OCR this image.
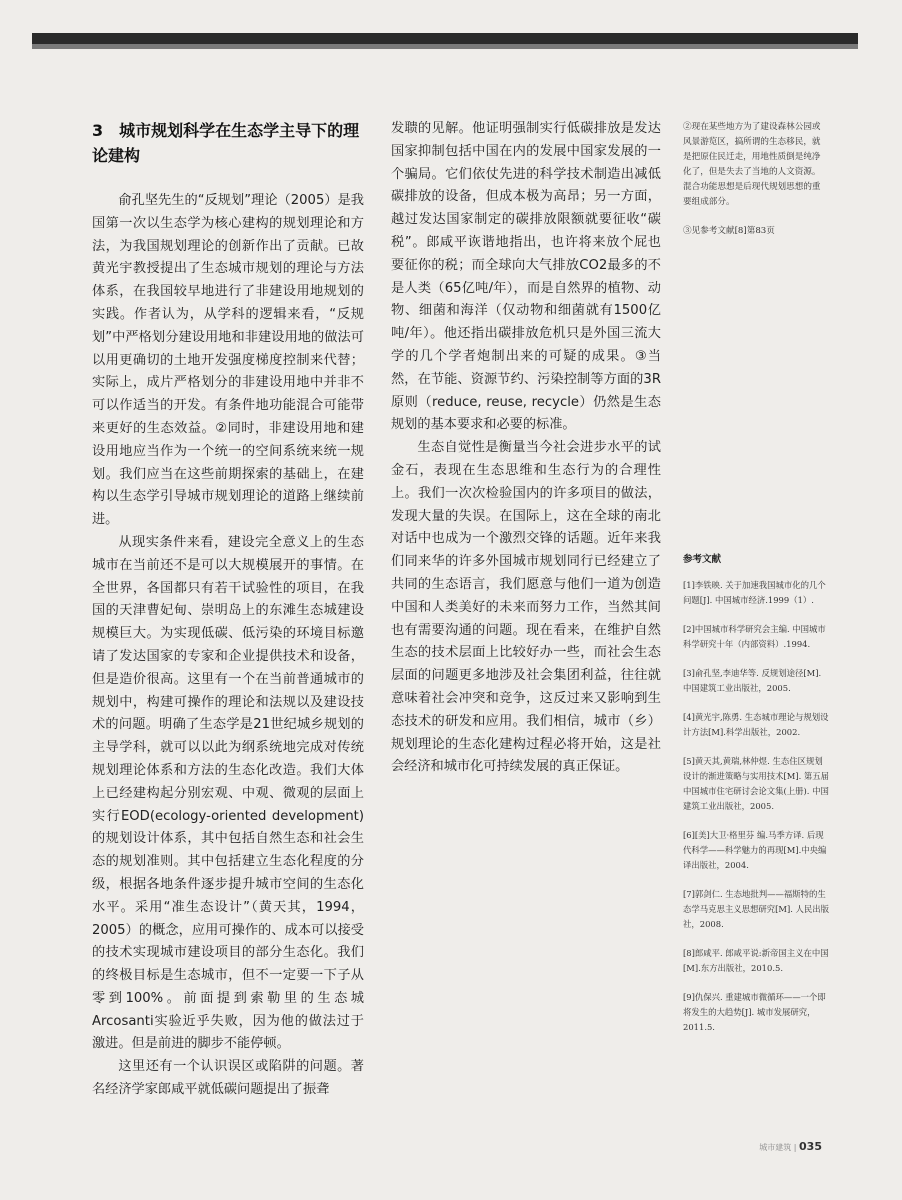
3　城市规划科学在生态学主导下的理论建构

俞孔坚先生的“反规划”理论（2005）是我国第一次以生态学为核心建构的规划理论和方法，为我国规划理论的创新作出了贡献。已故黄光宇教授提出了生态城市规划的理论与方法体系，在我国较早地进行了非建设用地规划的实践。作者认为，从学科的逻辑来看，“反规划”中严格划分建设用地和非建设用地的做法可以用更确切的土地开发强度梯度控制来代替；实际上，成片严格划分的非建设用地中并非不可以作适当的开发。有条件地功能混合可能带来更好的生态效益。②同时，非建设用地和建设用地应当作为一个统一的空间系统来统一规划。我们应当在这些前期探索的基础上，在建构以生态学引导城市规划理论的道路上继续前进。

从现实条件来看，建设完全意义上的生态城市在当前还不是可以大规模展开的事情。在全世界，各国都只有若干试验性的项目，在我国的天津曹妃甸、崇明岛上的东滩生态城建设规模巨大。为实现低碳、低污染的环境目标邀请了发达国家的专家和企业提供技术和设备，但是造价很高。这里有一个在当前普通城市的规划中，构建可操作的理论和法规以及建设技术的问题。明确了生态学是21世纪城乡规划的主导学科，就可以以此为纲系统地完成对传统规划理论体系和方法的生态化改造。我们大体上已经建构起分别宏观、中观、微观的层面上实行EOD(ecology-oriented development)的规划设计体系，其中包括自然生态和社会生态的规划准则。其中包括建立生态化程度的分级，根据各地条件逐步提升城市空间的生态化水平。采用“准生态设计”（黄天其，1994，2005）的概念，应用可操作的、成本可以接受的技术实现城市建设项目的部分生态化。我们的终极目标是生态城市，但不一定要一下子从零到100%。前面提到索勒里的生态城Arcosanti实验近乎失败，因为他的做法过于激进。但是前进的脚步不能停顿。

这里还有一个认识误区或陷阱的问题。著名经济学家郎咸平就低碳问题提出了振聋

发聩的见解。他证明强制实行低碳排放是发达国家抑制包括中国在内的发展中国家发展的一个骗局。它们依仗先进的科学技术制造出减低碳排放的设备，但成本极为高昂；另一方面，越过发达国家制定的碳排放限额就要征收“碳税”。郎咸平诙谐地指出，也许将来放个屁也要征你的税；而全球向大气排放CO2最多的不是人类（65亿吨/年），而是自然界的植物、动物、细菌和海洋（仅动物和细菌就有1500亿吨/年）。他还指出碳排放危机只是外国三流大学的几个学者炮制出来的可疑的成果。③当然，在节能、资源节约、污染控制等方面的3R原则（reduce, reuse, recycle）仍然是生态规划的基本要求和必要的标准。

生态自觉性是衡量当今社会进步水平的试金石，表现在生态思维和生态行为的合理性上。我们一次次检验国内的许多项目的做法，发现大量的失误。在国际上，这在全球的南北对话中也成为一个激烈交锋的话题。近年来我们同来华的许多外国城市规划同行已经建立了共同的生态语言，我们愿意与他们一道为创造中国和人类美好的未来而努力工作，当然其间也有需要沟通的问题。现在看来，在维护自然生态的技术层面上比较好办一些，而社会生态层面的问题更多地涉及社会集团利益，往往就意味着社会冲突和竞争，这反过来又影响到生态技术的研发和应用。我们相信，城市（乡）规划理论的生态化建构过程必将开始，这是社会经济和城市化可持续发展的真正保证。

②现在某些地方为了建设森林公园或风景游览区，搞所谓的生态移民，就是把原住民迁走，用地性质倒是纯净化了，但是失去了当地的人文资源。混合功能思想是后现代规划思想的重要组成部分。
③见参考文献[8]第83页
参考文献
[1]李铁映. 关于加速我国城市化的几个问题[J]. 中国城市经济.1999（1）.
[2]中国城市科学研究会主编. 中国城市科学研究十年（内部资料）.1994.
[3]俞孔坚,李迪华等. 反规划途径[M]. 中国建筑工业出版社，2005.
[4]黄光宇,陈勇. 生态城市理论与规划设计方法[M].科学出版社，2002.
[5]黄天其,黄瑞,林仲煜. 生态住区规划设计的渐进策略与实用技术[M]. 第五届中国城市住宅研讨会论文集(上册). 中国建筑工业出版社，2005.
[6][美]大卫·格里芬 编.马季方译. 后现代科学——科学魅力的再现[M].中央编译出版社，2004.
[7]郭剑仁. 生态地批判——福斯特的生态学马克思主义思想研究[M]. 人民出版社，2008.
[8]郎咸平. 郎咸平说:新帝国主义在中国[M].东方出版社，2010.5.
[9]仇保兴. 重建城市微循环——一个即将发生的大趋势[J]. 城市发展研究，2011.5.
城市建筑 | 035
